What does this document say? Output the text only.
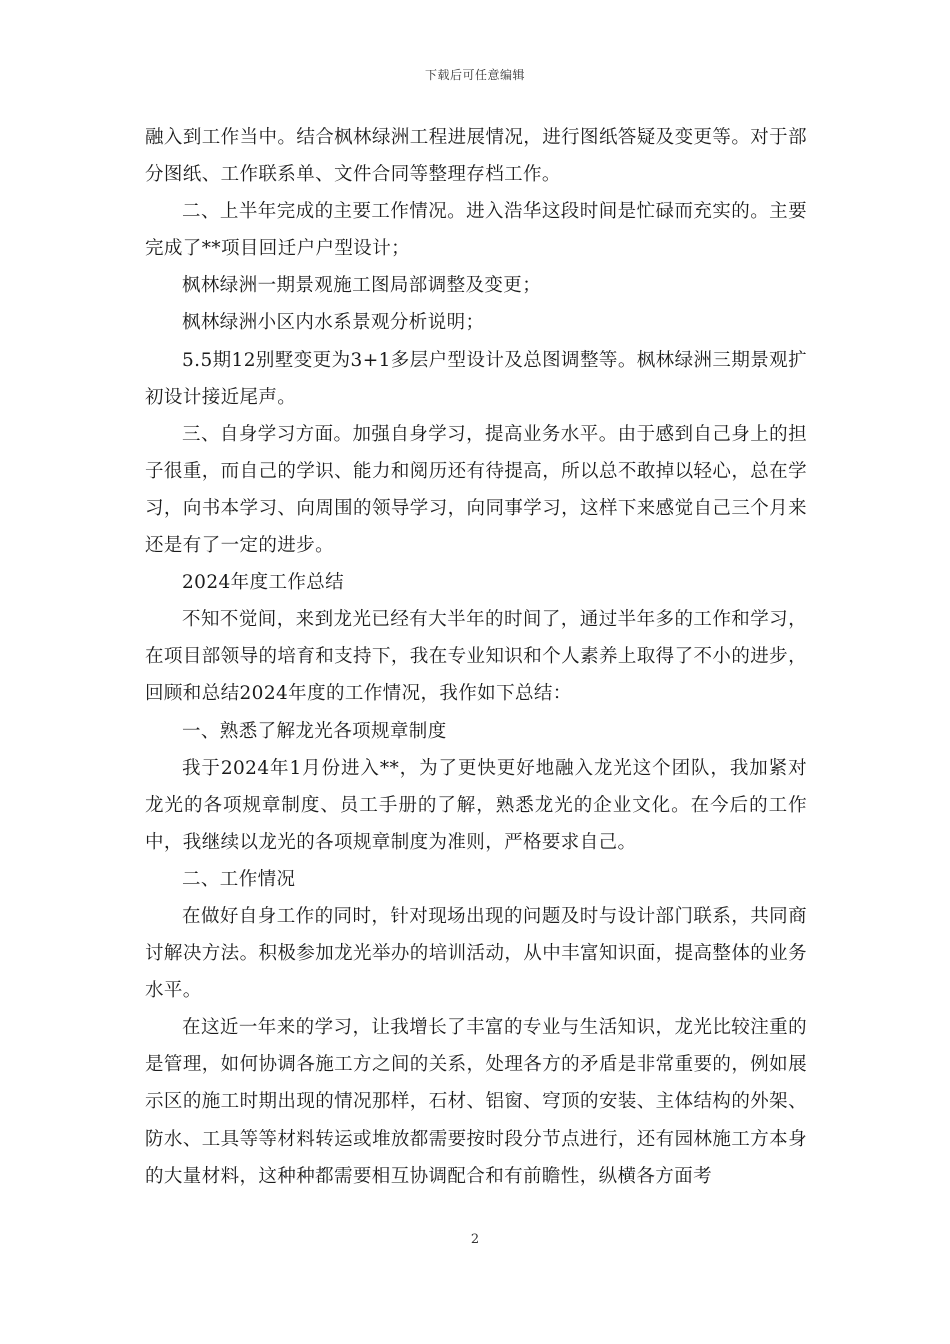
下载后可任意编辑

融入到工作当中。结合枫林绿洲工程进展情况，进行图纸答疑及变更等。对于部分图纸、工作联系单、文件合同等整理存档工作。

二、上半年完成的主要工作情况。进入浩华这段时间是忙碌而充实的。主要完成了**项目回迁户户型设计；

枫林绿洲一期景观施工图局部调整及变更；

枫林绿洲小区内水系景观分析说明；

5.5期12别墅变更为3+1多层户型设计及总图调整等。枫林绿洲三期景观扩初设计接近尾声。

三、自身学习方面。加强自身学习，提高业务水平。由于感到自己身上的担子很重，而自己的学识、能力和阅历还有待提高，所以总不敢掉以轻心，总在学习，向书本学习、向周围的领导学习，向同事学习，这样下来感觉自己三个月来还是有了一定的进步。

2024年度工作总结

不知不觉间，来到龙光已经有大半年的时间了，通过半年多的工作和学习，在项目部领导的培育和支持下，我在专业知识和个人素养上取得了不小的进步，回顾和总结2024年度的工作情况，我作如下总结：

一、熟悉了解龙光各项规章制度

我于2024年1月份进入**，为了更快更好地融入龙光这个团队，我加紧对龙光的各项规章制度、员工手册的了解，熟悉龙光的企业文化。在今后的工作中，我继续以龙光的各项规章制度为准则，严格要求自己。

二、工作情况

在做好自身工作的同时，针对现场出现的问题及时与设计部门联系，共同商讨解决方法。积极参加龙光举办的培训活动，从中丰富知识面，提高整体的业务水平。

在这近一年来的学习，让我增长了丰富的专业与生活知识，龙光比较注重的是管理，如何协调各施工方之间的关系，处理各方的矛盾是非常重要的，例如展示区的施工时期出现的情况那样，石材、铝窗、穹顶的安装、主体结构的外架、防水、工具等等材料转运或堆放都需要按时段分节点进行，还有园林施工方本身的大量材料，这种种都需要相互协调配合和有前瞻性，纵横各方面考

2
